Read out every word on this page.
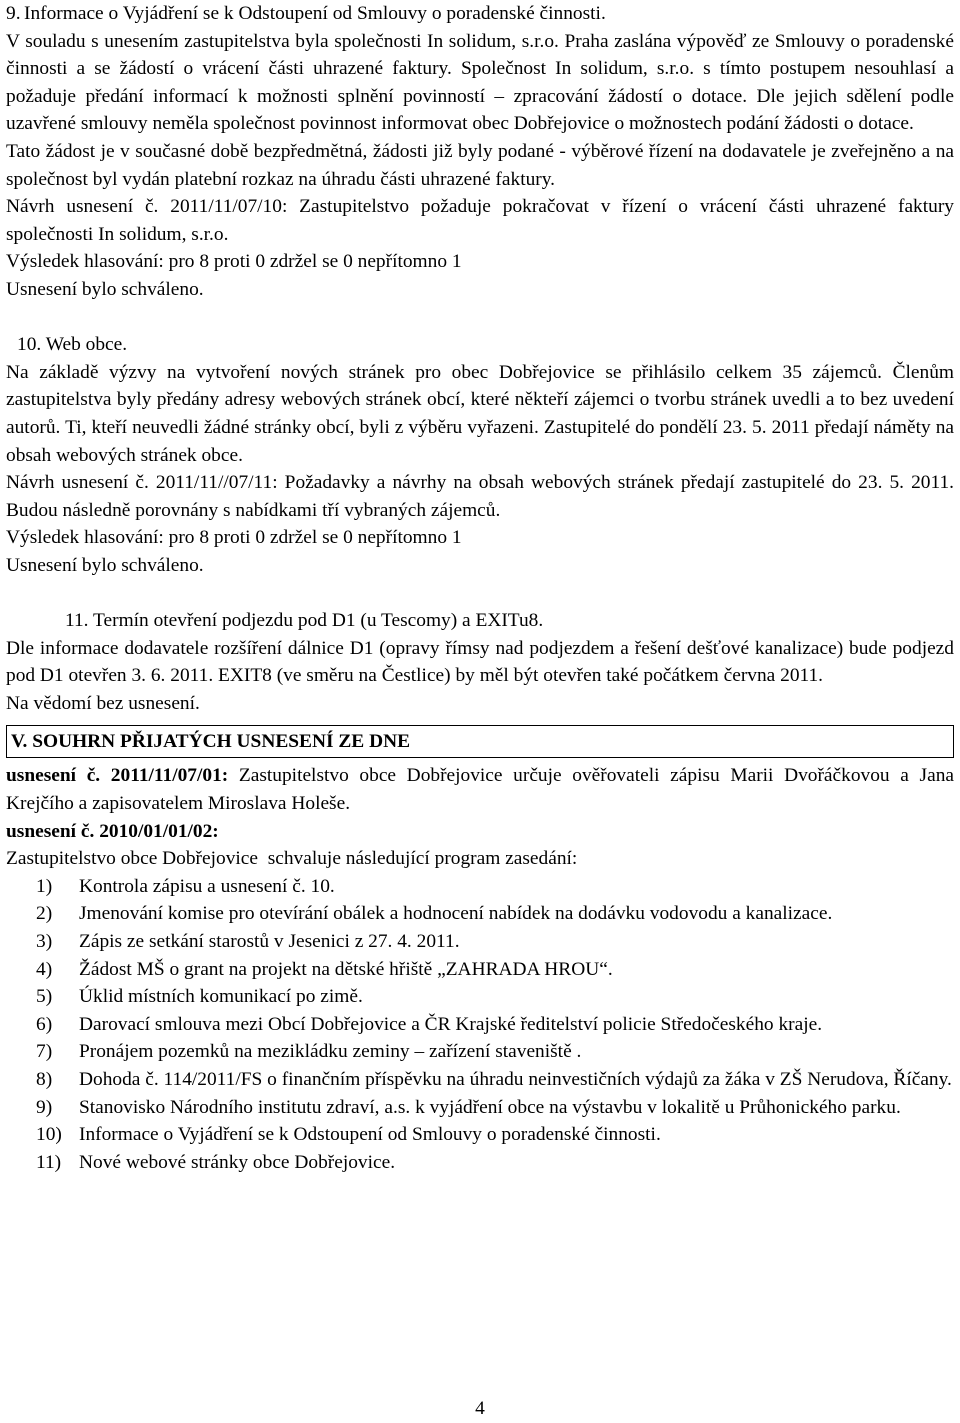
9. Informace o Vyjádření se k Odstoupení od Smlouvy o poradenské činnosti.

V souladu s unesením zastupitelstva byla společnosti In solidum, s.r.o. Praha zaslána výpověď ze Smlouvy o poradenské činnosti a se žádostí o vrácení části uhrazené faktury. Společnost In solidum, s.r.o. s tímto postupem nesouhlasí a požaduje předání informací k možnosti splnění povinností – zpracování žádostí o dotace. Dle jejich sdělení podle uzavřené smlouvy neměla společnost povinnost informovat obec Dobřejovice o možnostech podání žádosti o dotace.

Tato žádost je v současné době bezpředmětná, žádosti již byly podané - výběrové řízení na dodavatele je zveřejněno a na společnost byl vydán platební rozkaz na úhradu části uhrazené faktury.

Návrh usnesení č. 2011/11/07/10: Zastupitelstvo požaduje pokračovat v řízení o vrácení části uhrazené faktury společnosti In solidum, s.r.o.

Výsledek hlasování: pro 8 proti 0 zdržel se 0 nepřítomno 1

Usnesení bylo schváleno.

10. Web obce.

Na základě výzvy na vytvoření nových stránek pro obec Dobřejovice se přihlásilo celkem 35 zájemců. Členům zastupitelstva byly předány adresy webových stránek obcí, které někteří zájemci o tvorbu stránek uvedli a to bez uvedení autorů. Ti, kteří neuvedli žádné stránky obcí, byli z výběru vyřazeni. Zastupitelé do pondělí 23. 5. 2011 předají náměty na obsah webových stránek obce.

Návrh usnesení č. 2011/11//07/11: Požadavky a návrhy na obsah webových stránek předají zastupitelé do 23. 5. 2011. Budou následně porovnány s nabídkami tří vybraných zájemců.

Výsledek hlasování: pro 8 proti 0 zdržel se 0 nepřítomno 1

Usnesení bylo schváleno.

11. Termín otevření podjezdu pod D1 (u Tescomy) a EXITu8.

Dle informace dodavatele rozšíření dálnice D1 (opravy římsy nad podjezdem a řešení dešťové kanalizace) bude podjezd pod D1 otevřen 3. 6. 2011. EXIT8 (ve směru na Čestlice) by měl být otevřen také počátkem června 2011.

Na vědomí bez usnesení.

V. SOUHRN PŘIJATÝCH USNESENÍ ZE DNE

usnesení č. 2011/11/07/01: Zastupitelstvo obce Dobřejovice určuje ověřovateli zápisu Marii Dvořáčkovou a Jana Krejčího a zapisovatelem Miroslava Holeše.

usnesení č. 2010/01/01/02:

Zastupitelstvo obce Dobřejovice  schvaluje následující program zasedání:

1)	Kontrola zápisu a usnesení č. 10.
2)	Jmenování komise pro otevírání obálek a hodnocení nabídek na dodávku vodovodu a kanalizace.
3)	Zápis ze setkání starostů v Jesenici z 27. 4. 2011.
4)	Žádost MŠ o grant na projekt na dětské hřiště „ZAHRADA HROU“.
5)	Úklid místních komunikací po zimě.
6)	Darovací smlouva mezi Obcí Dobřejovice a ČR Krajské ředitelství policie Středočeského kraje.
7)	Pronájem pozemků na mezikládku zeminy – zařízení staveniště .
8)	Dohoda č. 114/2011/FS o finančním příspěvku na úhradu neinvestičních výdajů za žáka v ZŠ Nerudova, Říčany.
9)	Stanovisko Národního institutu zdraví, a.s. k vyjádření obce na výstavbu v lokalitě u Průhonického parku.
10) Informace o Vyjádření se k Odstoupení od Smlouvy o poradenské činnosti.
11) Nové webové stránky obce Dobřejovice.
4
